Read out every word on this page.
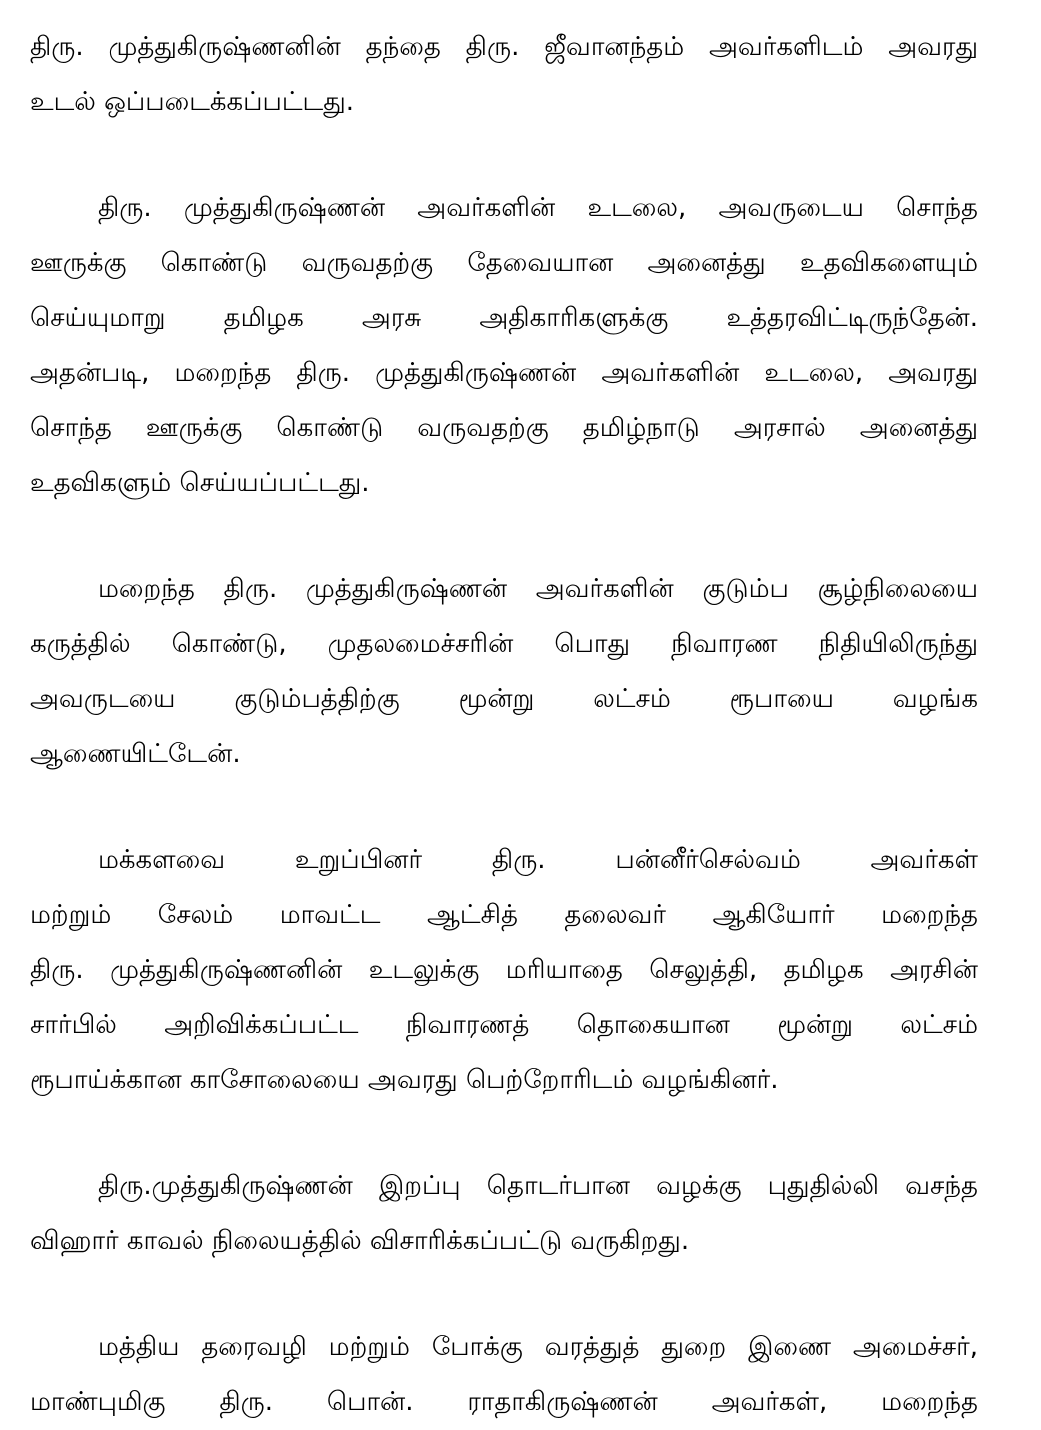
திரு. முத்துகிருஷ்ணனின் தந்தை திரு. ஜீவானந்தம் அவர்களிடம் அவரது
உடல் ஒப்படைக்கப்பட்டது.
திரு. முத்துகிருஷ்ணன் அவர்களின் உடலை, அவருடைய சொந்த
ஊருக்கு கொண்டு வருவதற்கு தேவையான அனைத்து உதவிகளையும்
செய்யுமாறு தமிழக அரசு அதிகாரிகளுக்கு உத்தரவிட்டிருந்தேன்.
அதன்படி, மறைந்த திரு. முத்துகிருஷ்ணன் அவர்களின் உடலை, அவரது
சொந்த ஊருக்கு கொண்டு வருவதற்கு தமிழ்நாடு அரசால் அனைத்து
உதவிகளும் செய்யப்பட்டது.
மறைந்த திரு. முத்துகிருஷ்ணன் அவர்களின் குடும்ப சூழ்நிலையை
கருத்தில் கொண்டு, முதலமைச்சரின் பொது நிவாரண நிதியிலிருந்து
அவருடயை குடும்பத்திற்கு மூன்று லட்சம் ரூபாயை வழங்க
ஆணையிட்டேன்.
மக்களவை உறுப்பினர் திரு. பன்னீர்செல்வம் அவர்கள்
மற்றும் சேலம் மாவட்ட ஆட்சித் தலைவர் ஆகியோர் மறைந்த
திரு. முத்துகிருஷ்ணனின் உடலுக்கு மரியாதை செலுத்தி, தமிழக அரசின்
சார்பில் அறிவிக்கப்பட்ட நிவாரணத் தொகையான மூன்று லட்சம்
ரூபாய்க்கான காசோலையை அவரது பெற்றோரிடம் வழங்கினர்.
திரு.முத்துகிருஷ்ணன் இறப்பு தொடர்பான வழக்கு புதுதில்லி வசந்த
விஹார் காவல் நிலையத்தில் விசாரிக்கப்பட்டு வருகிறது.
மத்திய தரைவழி மற்றும் போக்கு வரத்துத் துறை இணை அமைச்சர்,
மாண்புமிகு திரு. பொன். ராதாகிருஷ்ணன் அவர்கள், மறைந்த
